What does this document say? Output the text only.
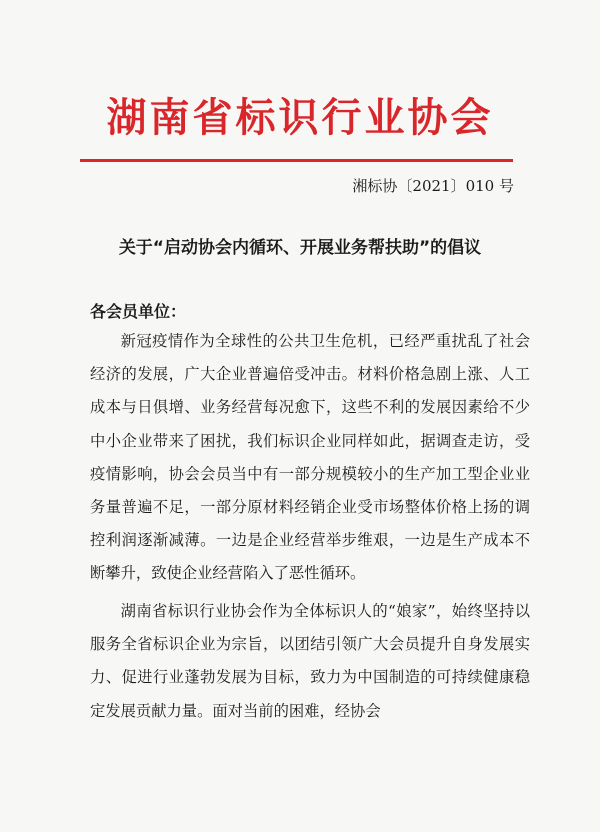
湖南省标识行业协会
湘标协〔2021〕010 号
关于“启动协会内循环、开展业务帮扶助”的倡议
各会员单位：

新冠疫情作为全球性的公共卫生危机，已经严重扰乱了社会经济的发展，广大企业普遍倍受冲击。材料价格急剧上涨、人工成本与日俱增、业务经营每况愈下，这些不利的发展因素给不少中小企业带来了困扰，我们标识企业同样如此，据调查走访，受疫情影响，协会会员当中有一部分规模较小的生产加工型企业业务量普遍不足，一部分原材料经销企业受市场整体价格上扬的调控利润逐渐减薄。一边是企业经营举步维艰，一边是生产成本不断攀升，致使企业经营陷入了恶性循环。

湖南省标识行业协会作为全体标识人的“娘家”，始终坚持以服务全省标识企业为宗旨，以团结引领广大会员提升自身发展实力、促进行业蓬勃发展为目标，致力为中国制造的可持续健康稳定发展贡献力量。面对当前的困难，经协会
